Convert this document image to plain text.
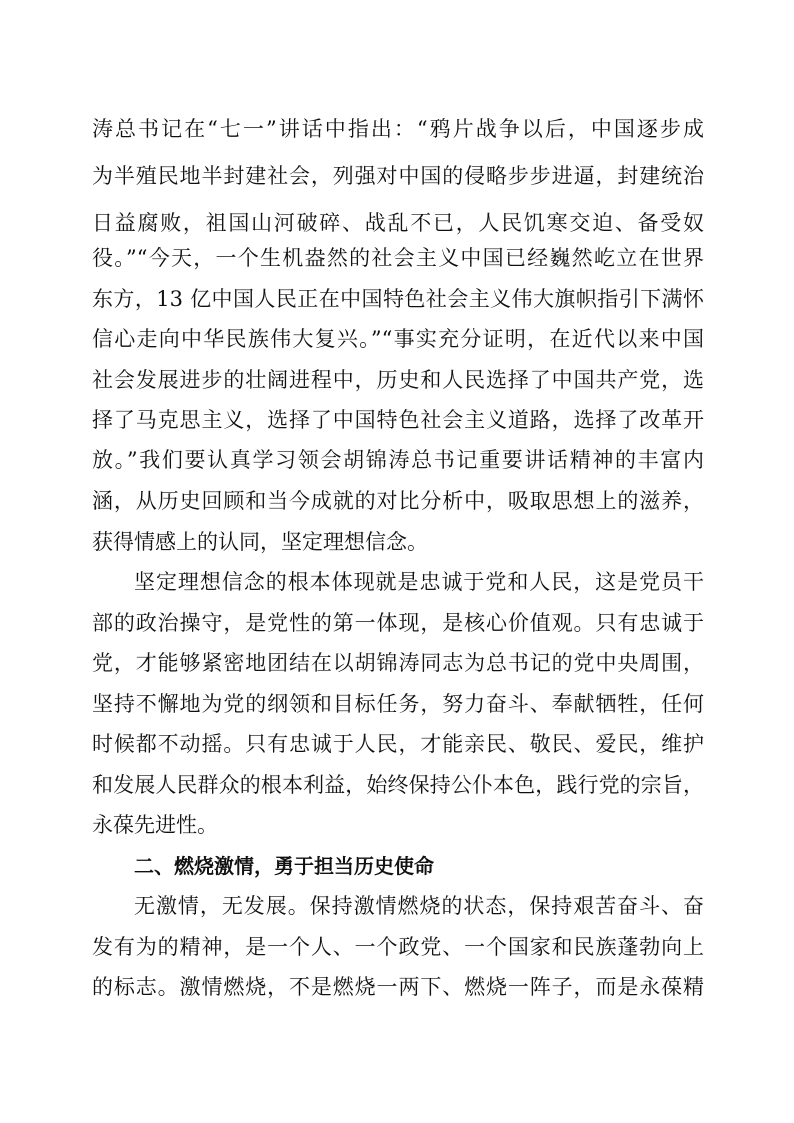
涛总书记在“七一”讲话中指出：“鸦片战争以后，中国逐步成
为半殖民地半封建社会，列强对中国的侵略步步进逼，封建统治
日益腐败，祖国山河破碎、战乱不已，人民饥寒交迫、备受奴
役。”“今天，一个生机盎然的社会主义中国已经巍然屹立在世界
东方，13 亿中国人民正在中国特色社会主义伟大旗帜指引下满怀
信心走向中华民族伟大复兴。”“事实充分证明，在近代以来中国
社会发展进步的壮阔进程中，历史和人民选择了中国共产党，选
择了马克思主义，选择了中国特色社会主义道路，选择了改革开
放。”我们要认真学习领会胡锦涛总书记重要讲话精神的丰富内
涵，从历史回顾和当今成就的对比分析中，吸取思想上的滋养，
获得情感上的认同，坚定理想信念。
坚定理想信念的根本体现就是忠诚于党和人民，这是党员干
部的政治操守，是党性的第一体现，是核心价值观。只有忠诚于
党，才能够紧密地团结在以胡锦涛同志为总书记的党中央周围，
坚持不懈地为党的纲领和目标任务，努力奋斗、奉献牺牲，任何
时候都不动摇。只有忠诚于人民，才能亲民、敬民、爱民，维护
和发展人民群众的根本利益，始终保持公仆本色，践行党的宗旨，
永葆先进性。
二、燃烧激情，勇于担当历史使命
无激情，无发展。保持激情燃烧的状态，保持艰苦奋斗、奋
发有为的精神，是一个人、一个政党、一个国家和民族蓬勃向上
的标志。激情燃烧，不是燃烧一两下、燃烧一阵子，而是永葆精
